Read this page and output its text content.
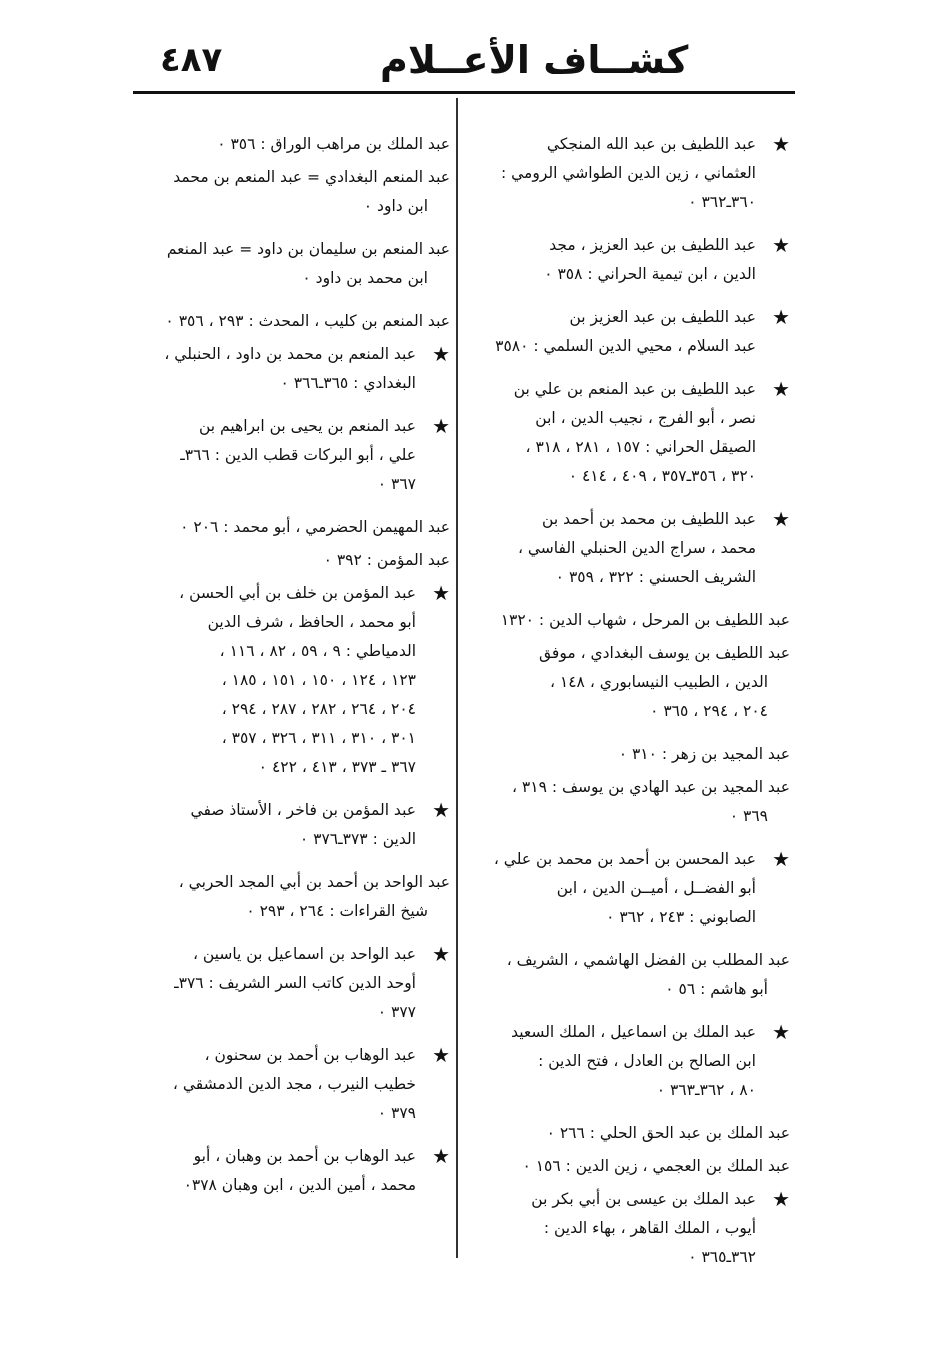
٤٨٧	كشــاف الأعــلام
★
عبد اللطيف بن عبد الله المنجكي
العثماني ، زين الدين الطواشي الرومي :
٣٦٠ـ٣٦٢ ٠
★
عبد اللطيف بن عبد العزيز ، مجد
الدين ، ابن تيمية الحراني : ٣٥٨ ٠
★
عبد اللطيف بن عبد العزيز بن
عبد السلام ، محيي الدين السلمي : ٣٥٨٠
★
عبد اللطيف بن عبد المنعم بن علي بن
نصر ، أبو الفرج ، نجيب الدين ، ابن
الصيقل الحراني : ١٥٧ ، ٢٨١ ، ٣١٨ ،
٣٢٠ ، ٣٥٦ـ٣٥٧ ، ٤٠٩ ، ٤١٤ ٠
★
عبد اللطيف بن محمد بن أحمد بن
محمد ، سراج الدين الحنبلي الفاسي ،
الشريف الحسني : ٣٢٢ ، ٣٥٩ ٠
عبد اللطيف بن المرحل ، شهاب الدين : ١٣٢٠
عبد اللطيف بن يوسف البغدادي ، موفق
الدين ، الطبيب النيسابوري ، ١٤٨ ،
٢٠٤ ، ٢٩٤ ، ٣٦٥ ٠
عبد المجيد بن زهر : ٣١٠ ٠
عبد المجيد بن عبد الهادي بن يوسف : ٣١٩ ،
٣٦٩ ٠
★
عبد المحسن بن أحمد بن محمد بن علي ،
أبو الفضــل ، أميــن الدين ، ابن
الصابوني : ٢٤٣ ، ٣٦٢ ٠
عبد المطلب بن الفضل الهاشمي ، الشريف ،
أبو هاشم : ٥٦ ٠
★
عبد الملك بن اسماعيل ، الملك السعيد
ابن الصالح بن العادل ، فتح الدين :
٨٠ ، ٣٦٢ـ٣٦٣ ٠
عبد الملك بن عبد الحق الحلي : ٢٦٦ ٠
عبد الملك بن العجمي ، زين الدين : ١٥٦ ٠
★
عبد الملك بن عيسى بن أبي بكر بن
أيوب ، الملك القاهر ، بهاء الدين :
٣٦٢ـ٣٦٥ ٠
عبد الملك بن مراهب الوراق : ٣٥٦ ٠
عبد المنعم البغدادي = عبد المنعم بن محمد
ابن داود ٠
عبد المنعم بن سليمان بن داود = عبد المنعم
ابن محمد بن داود ٠
عبد المنعم بن كليب ، المحدث : ٢٩٣ ، ٣٥٦ ٠
★
عبد المنعم بن محمد بن داود ، الحنبلي ،
البغدادي : ٣٦٥ـ٣٦٦ ٠
★
عبد المنعم بن يحيى بن ابراهيم بن
علي ، أبو البركات قطب الدين : ٣٦٦ـ
٣٦٧ ٠
عبد المهيمن الحضرمي ، أبو محمد : ٢٠٦ ٠
عبد المؤمن : ٣٩٢ ٠
★
عبد المؤمن بن خلف بن أبي الحسن ،
أبو محمد ، الحافظ ، شرف الدين
الدمياطي : ٩ ، ٥٩ ، ٨٢ ، ١١٦ ،
١٢٣ ، ١٢٤ ، ١٥٠ ، ١٥١ ، ١٨٥ ،
٢٠٤ ، ٢٦٤ ، ٢٨٢ ، ٢٨٧ ، ٢٩٤ ،
٣٠١ ، ٣١٠ ، ٣١١ ، ٣٢٦ ، ٣٥٧ ،
٣٦٧ ـ ٣٧٣ ، ٤١٣ ، ٤٢٢ ٠
★
عبد المؤمن بن فاخر ، الأستاذ صفي
الدين : ٣٧٣ـ٣٧٦ ٠
عبد الواحد بن أحمد بن أبي المجد الحربي ،
شيخ القراءات : ٢٦٤ ، ٢٩٣ ٠
★
عبد الواحد بن اسماعيل بن ياسين ،
أوحد الدين كاتب السر الشريف : ٣٧٦ـ
٣٧٧ ٠
★
عبد الوهاب بن أحمد بن سحنون ،
خطيب النيرب ، مجد الدين الدمشقي ،
٣٧٩ ٠
★
عبد الوهاب بن أحمد بن وهبان ، أبو
محمد ، أمين الدين ، ابن وهبان ٠٣٧٨
